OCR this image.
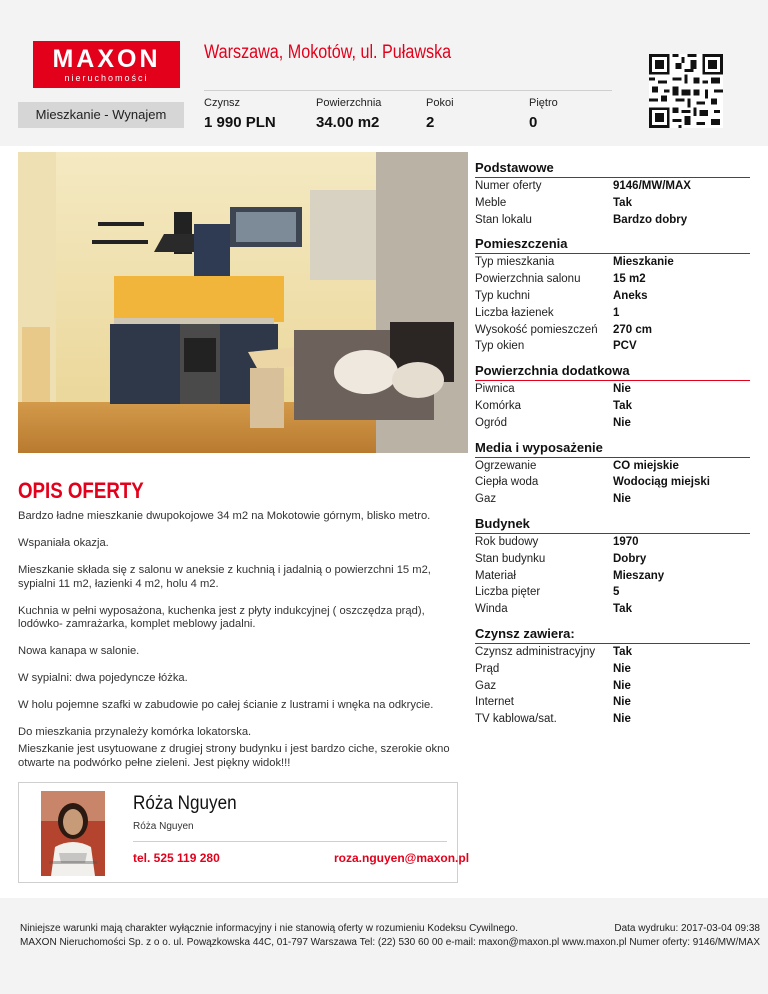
MAXON
nieruchomości
Warszawa, Mokotów, ul. Puławska
Mieszkanie - Wynajem
Czynsz
1 990 PLN
Powierzchnia
34.00 m2
Pokoi
2
Piętro
0
Podstawowe
Numer oferty	9146/MW/MAX
Meble	Tak
Stan lokalu	Bardzo dobry
Pomieszczenia
Typ mieszkania	Mieszkanie
Powierzchnia salonu	15 m2
Typ kuchni	Aneks
Liczba łazienek	1
Wysokość pomieszczeń	270 cm
Typ okien	PCV
Powierzchnia dodatkowa
Piwnica	Nie
Komórka	Tak
Ogród	Nie
Media i wyposażenie
Ogrzewanie	CO miejskie
Ciepła woda	Wodociąg miejski
Gaz	Nie
Budynek
Rok budowy	1970
Stan budynku	Dobry
Materiał	Mieszany
Liczba pięter	5
Winda	Tak
Czynsz zawiera:
Czynsz administracyjny	Tak
Prąd	Nie
Gaz	Nie
Internet	Nie
TV kablowa/sat.	Nie
OPIS OFERTY

Bardzo ładne mieszkanie dwupokojowe 34 m2 na Mokotowie górnym, blisko metro.

Wspaniała okazja.

Mieszkanie składa się z salonu w aneksie z kuchnią i jadalnią o powierzchni 15 m2, sypialni 11 m2, łazienki 4 m2, holu 4 m2.

Kuchnia w pełni wyposażona, kuchenka jest z płyty indukcyjnej ( oszczędza prąd), lodówko- zamrażarka, komplet meblowy jadalni.

Nowa kanapa w salonie.

W sypialni: dwa pojedyncze łóżka.

W holu pojemne szafki w zabudowie po całej ścianie z lustrami i wnęka na odkrycie.

Do mieszkania przynależy komórka lokatorska.

Mieszkanie jest usytuowane z drugiej strony budynku i jest bardzo ciche, szerokie okno otwarte na podwórko pełne zieleni. Jest piękny widok!!!
Róża Nguyen
Róża Nguyen
tel. 525 119 280	roza.nguyen@maxon.pl
Niniejsze warunki mają charakter wyłącznie informacyjny i nie stanowią oferty w rozumieniu Kodeksu Cywilnego.
MAXON Nieruchomości Sp. z o o. ul. Powązkowska 44C, 01-797 Warszawa Tel: (22) 530 60 00 e-mail: maxon@maxon.pl www.maxon.pl
Data wydruku: 2017-03-04 09:38
Numer oferty: 9146/MW/MAX
